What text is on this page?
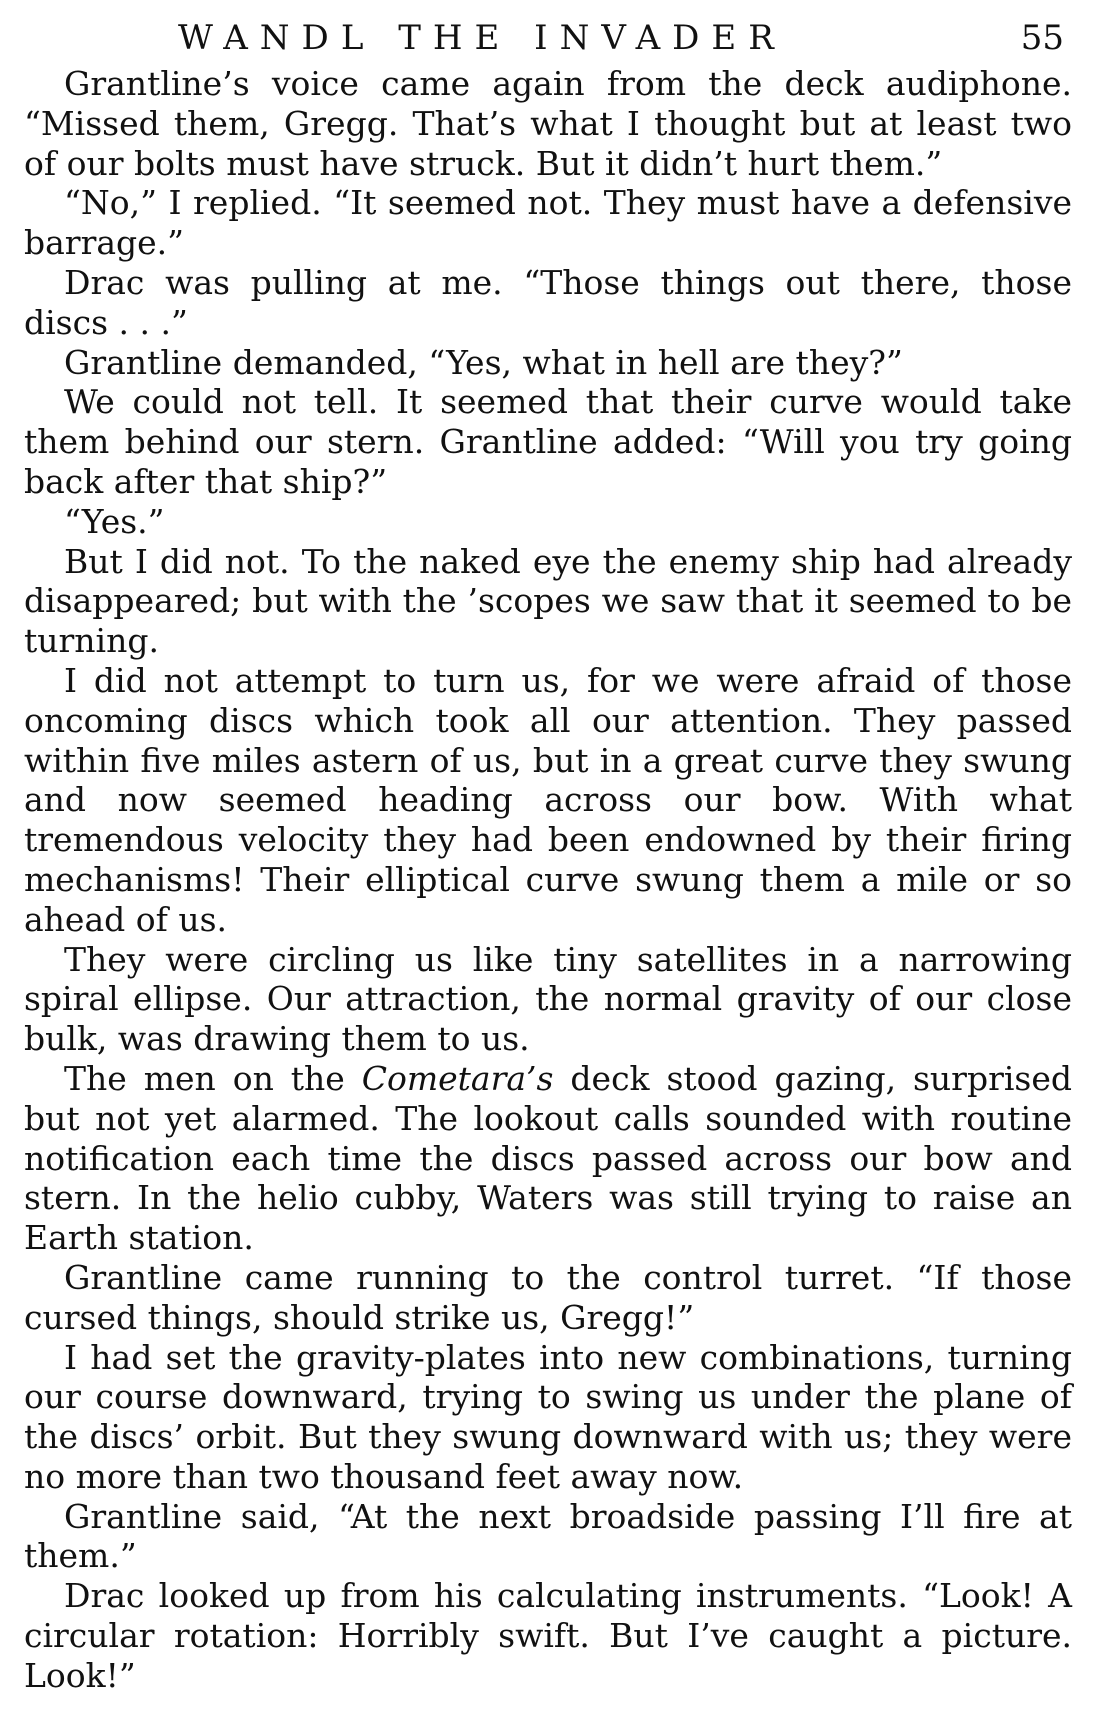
WANDL THE INVADER	55

Grantline’s voice came again from the deck audiphone. “Missed them, Gregg. That’s what I thought but at least two of our bolts must have struck. But it didn’t hurt them.”

“No,” I replied. “It seemed not. They must have a defensive barrage.”

Drac was pulling at me. “Those things out there, those discs . . .”

Grantline demanded, “Yes, what in hell are they?”

We could not tell. It seemed that their curve would take them behind our stern. Grantline added: “Will you try going back after that ship?”

“Yes.”

But I did not. To the naked eye the enemy ship had already disappeared; but with the ’scopes we saw that it seemed to be turning.

I did not attempt to turn us, for we were afraid of those oncoming discs which took all our attention. They passed within five miles astern of us, but in a great curve they swung and now seemed heading across our bow. With what tremendous velocity they had been endowned by their firing mechanisms! Their elliptical curve swung them a mile or so ahead of us.

They were circling us like tiny satellites in a narrowing spiral ellipse. Our attraction, the normal gravity of our close bulk, was drawing them to us.

The men on the Cometara’s deck stood gazing, surprised but not yet alarmed. The lookout calls sounded with routine notification each time the discs passed across our bow and stern. In the helio cubby, Waters was still trying to raise an Earth station.

Grantline came running to the control turret. “If those cursed things, should strike us, Gregg!”

I had set the gravity-plates into new combinations, turning our course downward, trying to swing us under the plane of the discs’ orbit. But they swung downward with us; they were no more than two thousand feet away now.

Grantline said, “At the next broadside passing I’ll fire at them.”

Drac looked up from his calculating instruments. “Look! A circular rotation: Horribly swift. But I’ve caught a picture. Look!”
